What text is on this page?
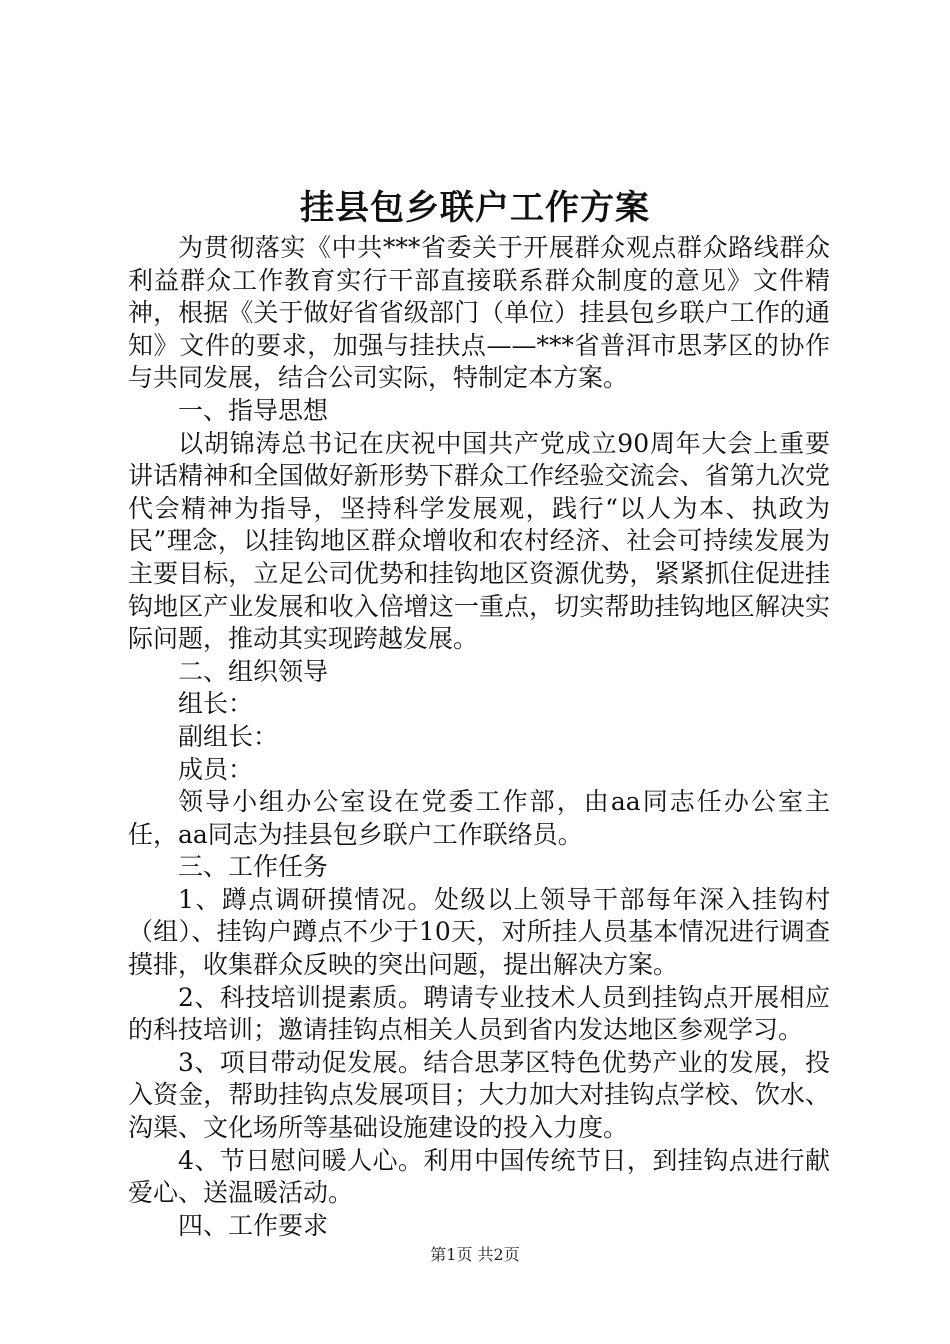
挂县包乡联户工作方案

为贯彻落实《中共***省委关于开展群众观点群众路线群众利益群众工作教育实行干部直接联系群众制度的意见》文件精神，根据《关于做好省省级部门（单位）挂县包乡联户工作的通知》文件的要求，加强与挂扶点——***省普洱市思茅区的协作与共同发展，结合公司实际，特制定本方案。

一、指导思想

以胡锦涛总书记在庆祝中国共产党成立90周年大会上重要讲话精神和全国做好新形势下群众工作经验交流会、省第九次党代会精神为指导，坚持科学发展观，践行“以人为本、执政为民”理念，以挂钩地区群众增收和农村经济、社会可持续发展为主要目标，立足公司优势和挂钩地区资源优势，紧紧抓住促进挂钩地区产业发展和收入倍增这一重点，切实帮助挂钩地区解决实际问题，推动其实现跨越发展。

二、组织领导

组长：

副组长：

成员：

领导小组办公室设在党委工作部，由aa同志任办公室主任，aa同志为挂县包乡联户工作联络员。

三、工作任务

1、蹲点调研摸情况。处级以上领导干部每年深入挂钩村（组）、挂钩户蹲点不少于10天，对所挂人员基本情况进行调查摸排，收集群众反映的突出问题，提出解决方案。

2、科技培训提素质。聘请专业技术人员到挂钩点开展相应的科技培训；邀请挂钩点相关人员到省内发达地区参观学习。

3、项目带动促发展。结合思茅区特色优势产业的发展，投入资金，帮助挂钩点发展项目；大力加大对挂钩点学校、饮水、沟渠、文化场所等基础设施建设的投入力度。

4、节日慰问暖人心。利用中国传统节日，到挂钩点进行献爱心、送温暖活动。

四、工作要求

第1页 共2页
